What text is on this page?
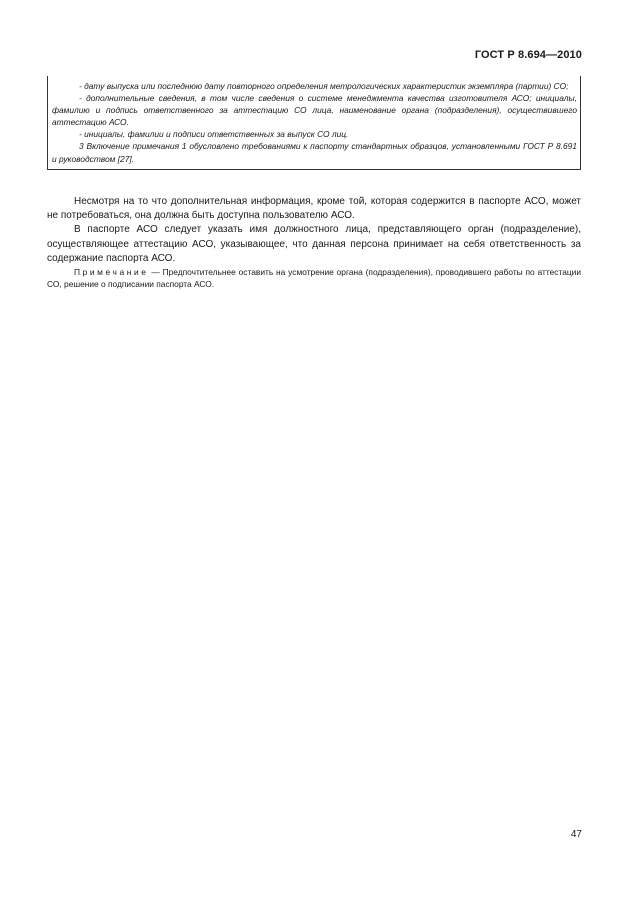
ГОСТ Р 8.694—2010

- дату выпуска или последнюю дату повторного определения метрологических характеристик экземпляра (партии) СО;

- дополнительные сведения, в том числе сведения о системе менеджмента качества изготовителя АСО; инициалы, фамилию и подпись ответственного за аттестацию СО лица, наименование органа (подразделения), осуществившего аттестацию АСО.

- инициалы, фамилии и подписи ответственных за выпуск СО лиц.

3 Включение примечания 1 обусловлено требованиями к паспорту стандартных образцов, установленными ГОСТ Р 8.691 и руководством [27].

Несмотря на то что дополнительная информация, кроме той, которая содержится в паспорте АСО, может не потребоваться, она должна быть доступна пользователю АСО.

В паспорте АСО следует указать имя должностного лица, представляющего орган (подразделение), осуществляющее аттестацию АСО, указывающее, что данная персона принимает на себя ответственность за содержание паспорта АСО.

Примечание — Предпочтительнее оставить на усмотрение органа (подразделения), проводившего работы по аттестации СО, решение о подписании паспорта АСО.
47
